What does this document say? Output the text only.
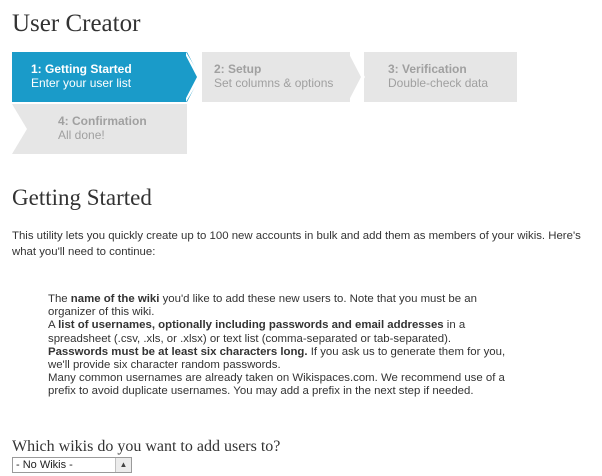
User Creator
1: Getting Started
Enter your user list
2: Setup
Set columns & options
3: Verification
Double-check data
4: Confirmation
All done!
Getting Started

This utility lets you quickly create up to 100 new accounts in bulk and add them as members of your wikis. Here's what you'll need to continue:

The name of the wiki you'd like to add these new users to. Note that you must be an organizer of this wiki.
A list of usernames, optionally including passwords and email addresses in a spreadsheet (.csv, .xls, or .xlsx) or text list (comma-separated or tab-separated).
Passwords must be at least six characters long. If you ask us to generate them for you, we'll provide six character random passwords.
Many common usernames are already taken on Wikispaces.com. We recommend use of a prefix to avoid duplicate usernames. You may add a prefix in the next step if needed.
Which wikis do you want to add users to?
- No Wikis -	▲
